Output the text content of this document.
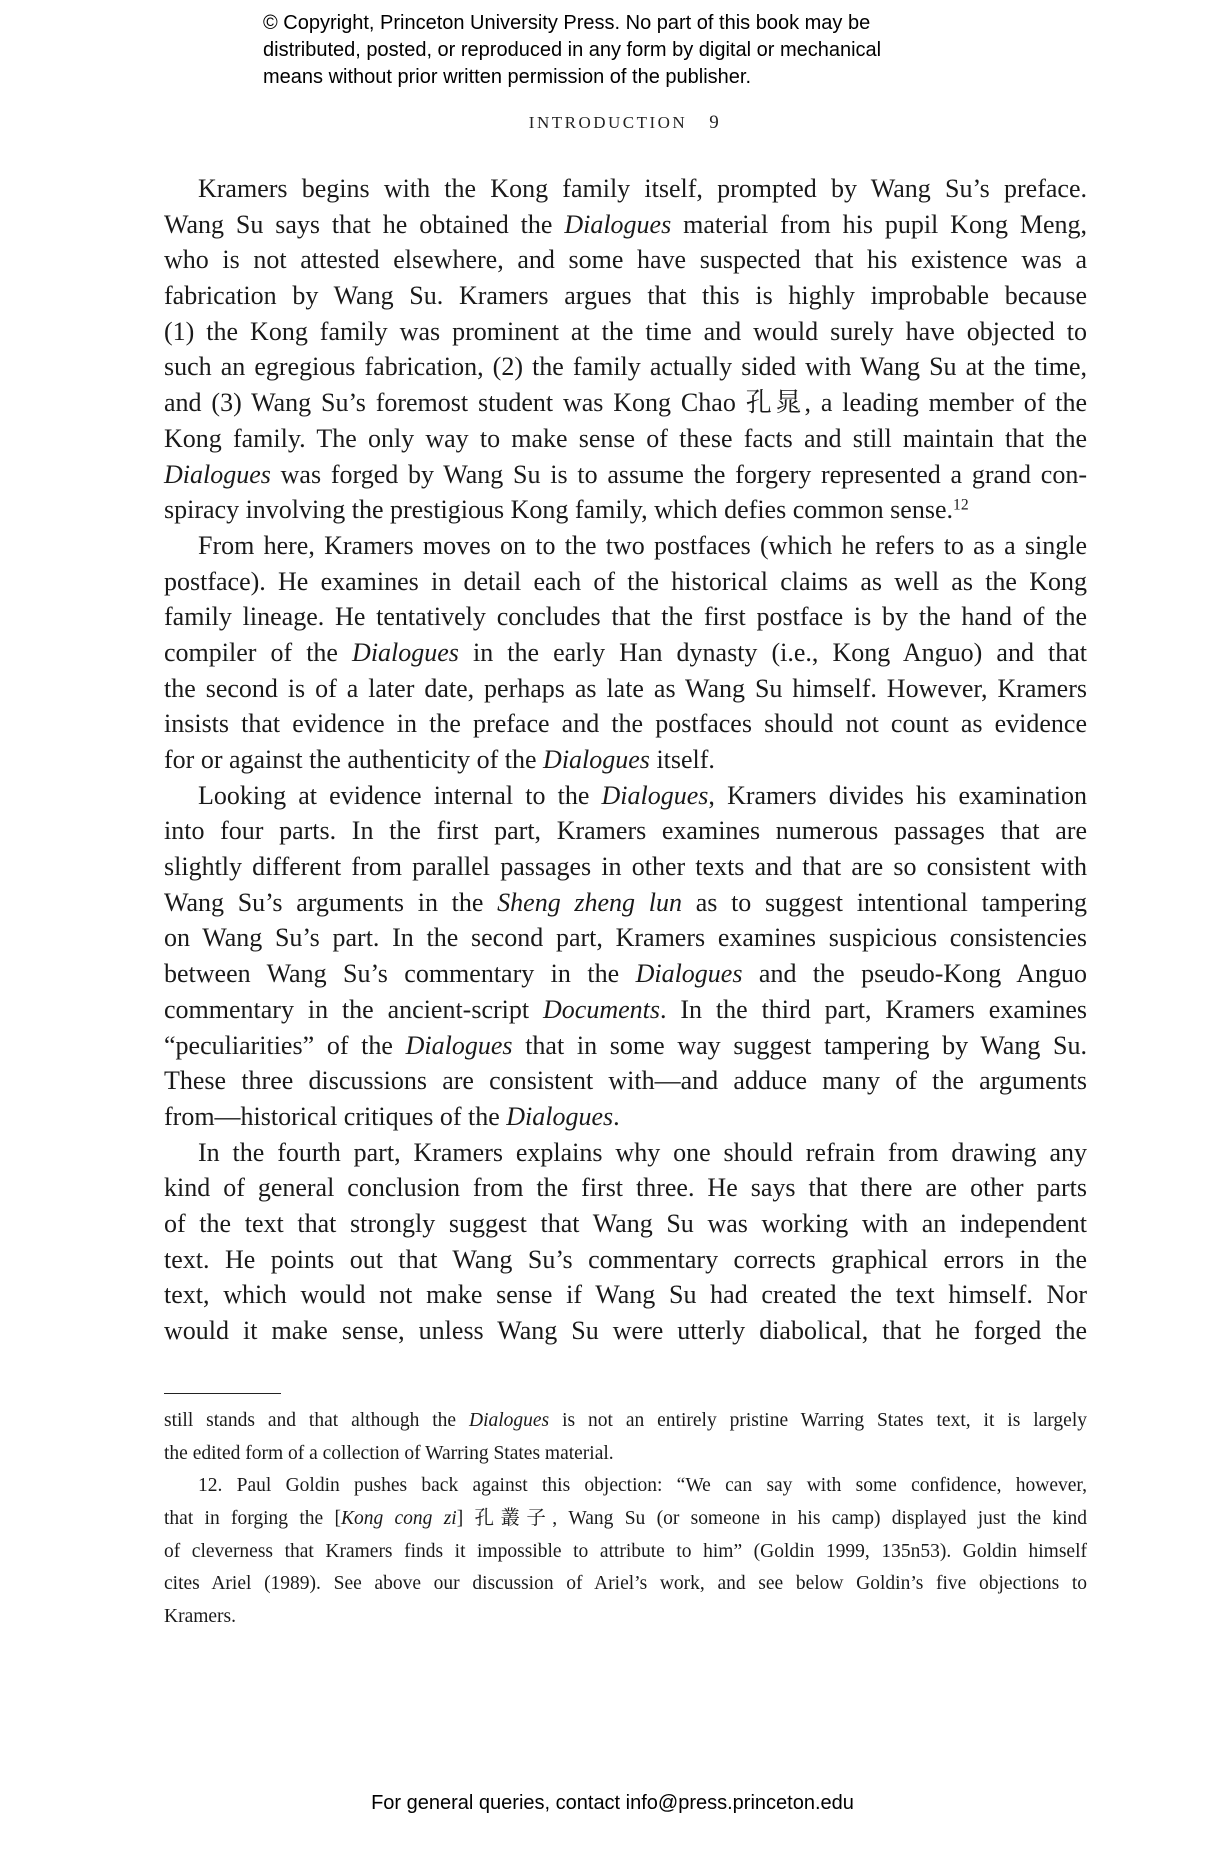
© Copyright, Princeton University Press. No part of this book may be
distributed, posted, or reproduced in any form by digital or mechanical
means without prior written permission of the publisher.
INTRODUCTION 9
Kramers begins with the Kong family itself, prompted by Wang Su’s preface.
Wang Su says that he obtained the Dialogues material from his pupil Kong Meng,
who is not attested elsewhere, and some have suspected that his existence was a
fabrication by Wang Su. Kramers argues that this is highly improbable because
(1) the Kong family was prominent at the time and would surely have objected to
such an egregious fabrication, (2) the family actually sided with Wang Su at the time,
and (3) Wang Su’s foremost student was Kong Chao 孔晁, a leading member of the
Kong family. The only way to make sense of these facts and still maintain that the
Dialogues was forged by Wang Su is to assume the forgery represented a grand con-
spiracy involving the prestigious Kong family, which defies common sense.$^{12}$
From here, Kramers moves on to the two postfaces (which he refers to as a single
postface). He examines in detail each of the historical claims as well as the Kong
family lineage. He tentatively concludes that the first postface is by the hand of the
compiler of the Dialogues in the early Han dynasty (i.e., Kong Anguo) and that
the second is of a later date, perhaps as late as Wang Su himself. However, Kramers
insists that evidence in the preface and the postfaces should not count as evidence
for or against the authenticity of the Dialogues itself.
Looking at evidence internal to the Dialogues, Kramers divides his examination
into four parts. In the first part, Kramers examines numerous passages that are
slightly different from parallel passages in other texts and that are so consistent with
Wang Su’s arguments in the Sheng zheng lun as to suggest intentional tampering
on Wang Su’s part. In the second part, Kramers examines suspicious consistencies
between Wang Su’s commentary in the Dialogues and the pseudo-Kong Anguo
commentary in the ancient-script Documents. In the third part, Kramers examines
“peculiarities” of the Dialogues that in some way suggest tampering by Wang Su.
These three discussions are consistent with—and adduce many of the arguments
from—historical critiques of the Dialogues.
In the fourth part, Kramers explains why one should refrain from drawing any
kind of general conclusion from the first three. He says that there are other parts
of the text that strongly suggest that Wang Su was working with an independent
text. He points out that Wang Su’s commentary corrects graphical errors in the
text, which would not make sense if Wang Su had created the text himself. Nor
would it make sense, unless Wang Su were utterly diabolical, that he forged the
still stands and that although the Dialogues is not an entirely pristine Warring States text, it is largely
the edited form of a collection of Warring States material.
12. Paul Goldin pushes back against this objection: “We can say with some confidence, however,
that in forging the [Kong cong zi] 孔叢子, Wang Su (or someone in his camp) displayed just the kind
of cleverness that Kramers finds it impossible to attribute to him” (Goldin 1999, 135n53). Goldin himself
cites Ariel (1989). See above our discussion of Ariel’s work, and see below Goldin’s five objections to
Kramers.
For general queries, contact info@press.princeton.edu
